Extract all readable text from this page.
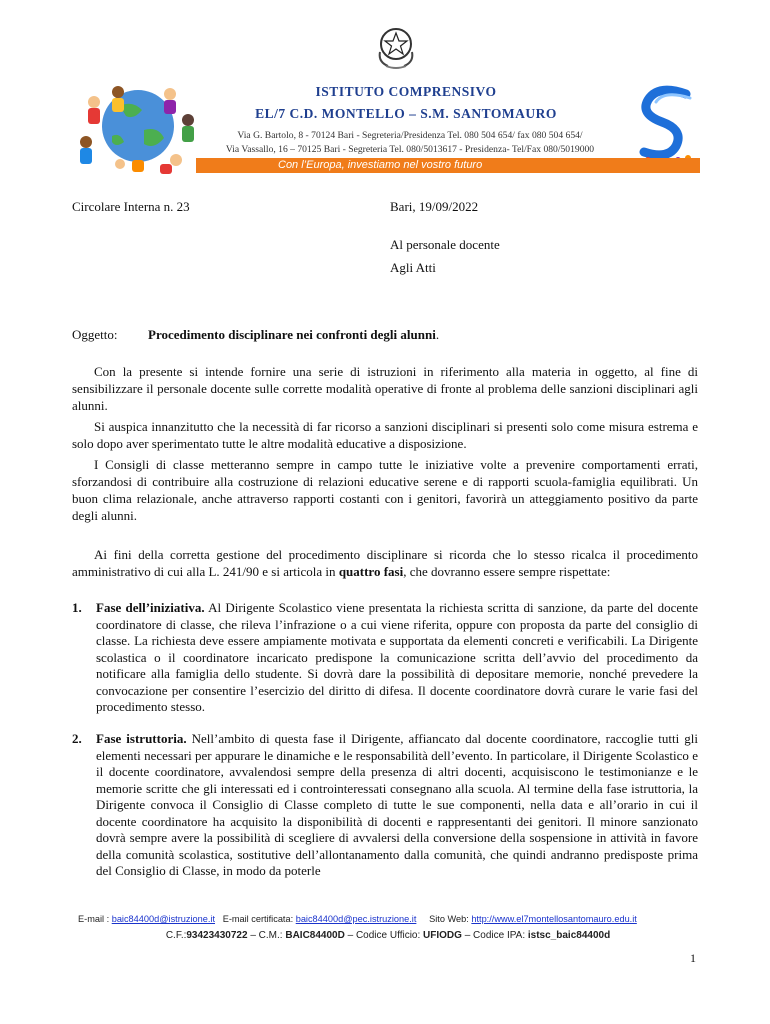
ISTITUTO COMPRENSIVO
EL/7 C.D. MONTELLO – S.M. SANTOMAURO
Via G. Bartolo, 8 - 70124 Bari - Segreteria/Presidenza Tel. 080 504 654/ fax 080 504 654/
Via Vassallo, 16 – 70125 Bari - Segreteria Tel. 080/5013617 - Presidenza- Tel/Fax 080/5019000
Con l’Europa, investiamo nel vostro futuro
Circolare Interna n. 23	Bari, 19/09/2022
Al personale docente
Agli Atti
Oggetto: Procedimento disciplinare nei confronti degli alunni.

Con la presente si intende fornire una serie di istruzioni in riferimento alla materia in oggetto, al fine di sensibilizzare il personale docente sulle corrette modalità operative di fronte al problema delle sanzioni disciplinari agli alunni.

Si auspica innanzitutto che la necessità di far ricorso a sanzioni disciplinari si presenti solo come misura estrema e solo dopo aver sperimentato tutte le altre modalità educative a disposizione.

I Consigli di classe metteranno sempre in campo tutte le iniziative volte a prevenire comportamenti errati, sforzandosi di contribuire alla costruzione di relazioni educative serene e di rapporti scuola-famiglia equilibrati. Un buon clima relazionale, anche attraverso rapporti costanti con i genitori, favorirà un atteggiamento positivo da parte degli alunni.

Ai fini della corretta gestione del procedimento disciplinare si ricorda che lo stesso ricalca il procedimento amministrativo di cui alla L. 241/90 e si articola in quattro fasi, che dovranno essere sempre rispettate:

1. Fase dell’iniziativa. Al Dirigente Scolastico viene presentata la richiesta scritta di sanzione, da parte del docente coordinatore di classe, che rileva l’infrazione o a cui viene riferita, oppure con proposta da parte del consiglio di classe. La richiesta deve essere ampiamente motivata e supportata da elementi concreti e verificabili. La Dirigente scolastica o il coordinatore incaricato predispone la comunicazione scritta dell’avvio del procedimento da notificare alla famiglia dello studente. Si dovrà dare la possibilità di depositare memorie, nonché prevedere la convocazione per consentire l’esercizio del diritto di difesa. Il docente coordinatore dovrà curare le varie fasi del procedimento stesso.
2. Fase istruttoria. Nell’ambito di questa fase il Dirigente, affiancato dal docente coordinatore, raccoglie tutti gli elementi necessari per appurare le dinamiche e le responsabilità dell’evento. In particolare, il Dirigente Scolastico e il docente coordinatore, avvalendosi sempre della presenza di altri docenti, acquisiscono le testimonianze e le memorie scritte che gli interessati ed i controinteressati consegnano alla scuola. Al termine della fase istruttoria, la Dirigente convoca il Consiglio di Classe completo di tutte le sue componenti, nella data e all’orario in cui il docente coordinatore ha acquisito la disponibilità di docenti e rappresentanti dei genitori. Il minore sanzionato dovrà sempre avere la possibilità di scegliere di avvalersi della conversione della sospensione in attività in favore della comunità scolastica, sostitutive dell’allontanamento dalla comunità, che quindi andranno predisposte prima del Consiglio di Classe, in modo da poterle
E-mail : baic84400d@istruzione.it E-mail certificata: baic84400d@pec.istruzione.it Sito Web: http://www.el7montellosantomauro.edu.it
C.F.:93423430722 – C.M.: BAIC84400D – Codice Ufficio: UFIODG – Codice IPA: istsc_baic84400d
1
